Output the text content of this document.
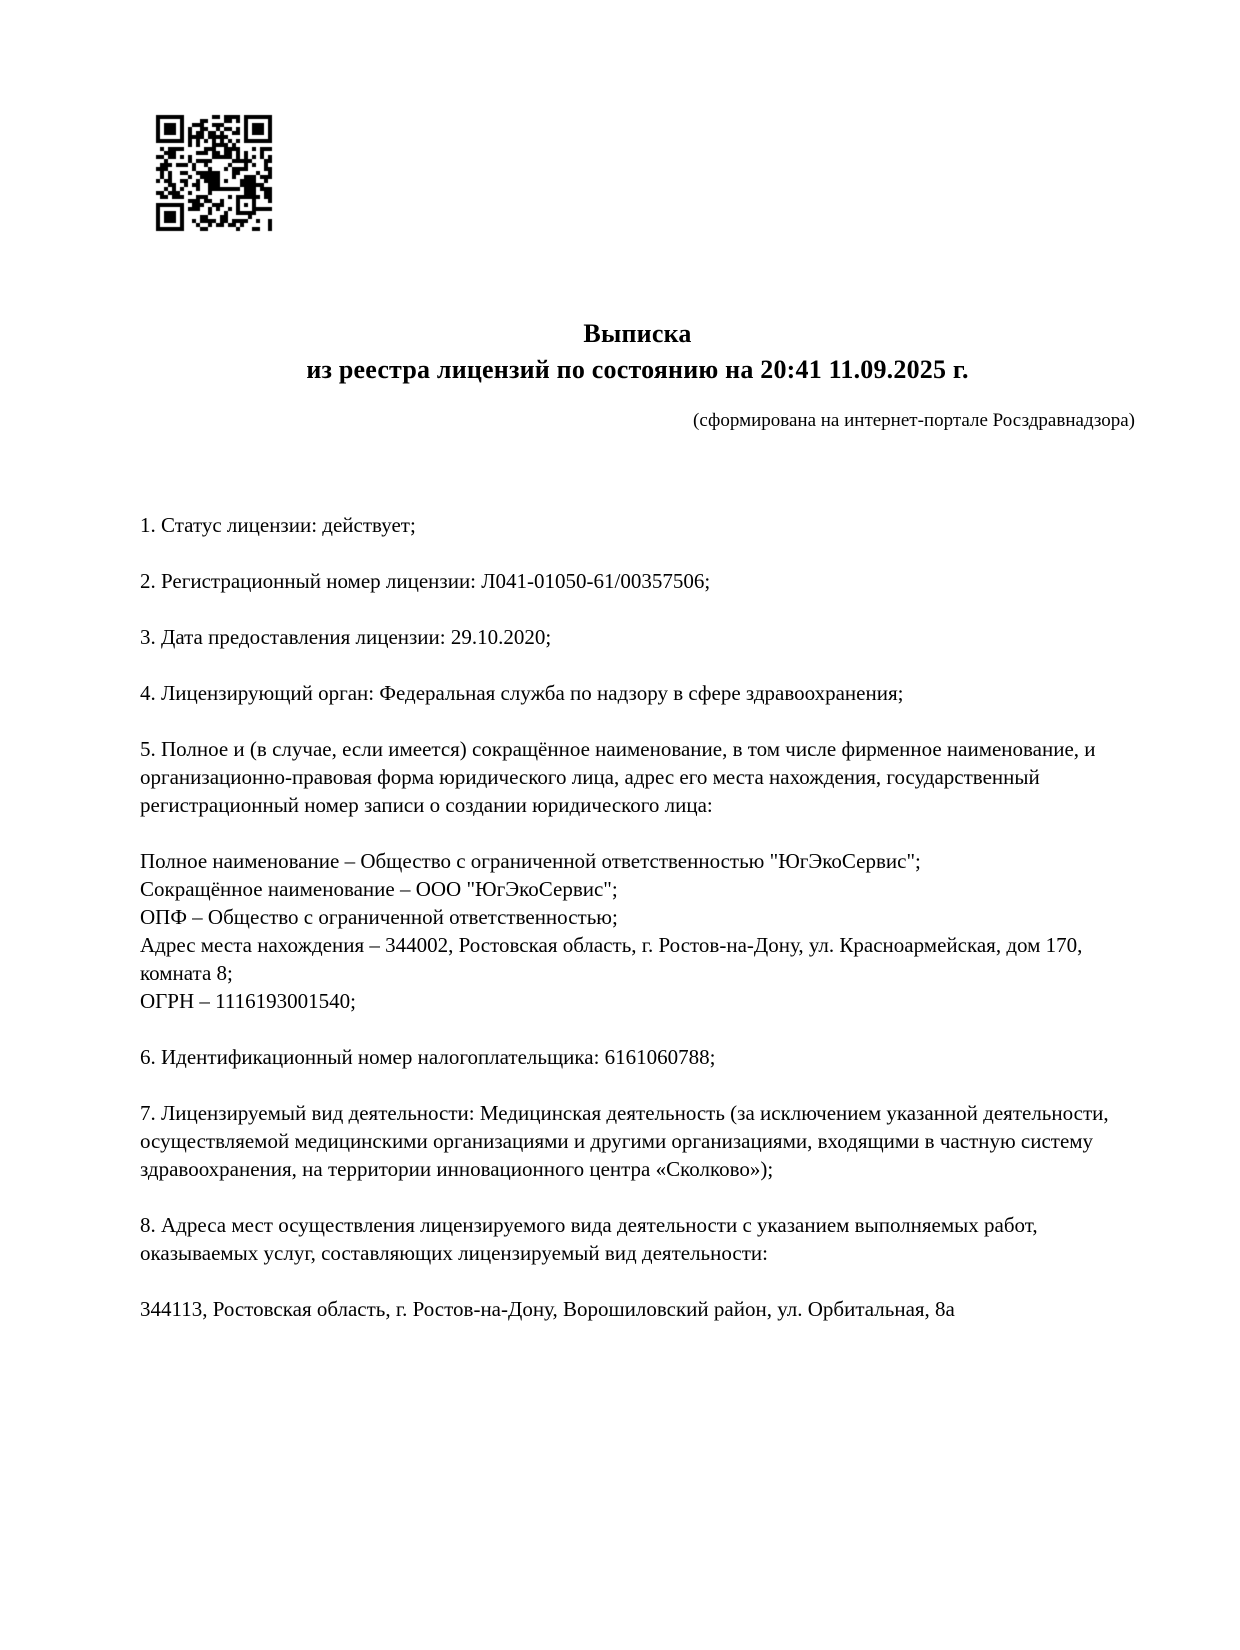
Выписка
из реестра лицензий по состоянию на 20:41 11.09.2025 г.
(сформирована на интернет-портале Росздравнадзора)
1. Статус лицензии: действует;
2. Регистрационный номер лицензии: Л041-01050-61/00357506;
3. Дата предоставления лицензии: 29.10.2020;
4. Лицензирующий орган: Федеральная служба по надзору в сфере здравоохранения;
5. Полное и (в случае, если имеется) сокращённое наименование, в том числе фирменное наименование, и организационно-правовая форма юридического лица, адрес его места нахождения, государственный регистрационный номер записи о создании юридического лица:
Полное наименование – Общество с ограниченной ответственностью "ЮгЭкоСервис";
Сокращённое наименование – ООО "ЮгЭкоСервис";
ОПФ – Общество с ограниченной ответственностью;
Адрес места нахождения – 344002, Ростовская область, г. Ростов-на-Дону, ул. Красноармейская, дом 170, комната 8;
ОГРН – 1116193001540;
6. Идентификационный номер налогоплательщика: 6161060788;
7. Лицензируемый вид деятельности: Медицинская деятельность (за исключением указанной деятельности, осуществляемой медицинскими организациями и другими организациями, входящими в частную систему здравоохранения, на территории инновационного центра «Сколково»);
8. Адреса мест осуществления лицензируемого вида деятельности с указанием выполняемых работ, оказываемых услуг, составляющих лицензируемый вид деятельности:
344113, Ростовская область, г. Ростов-на-Дону, Ворошиловский район, ул. Орбитальная, 8а
